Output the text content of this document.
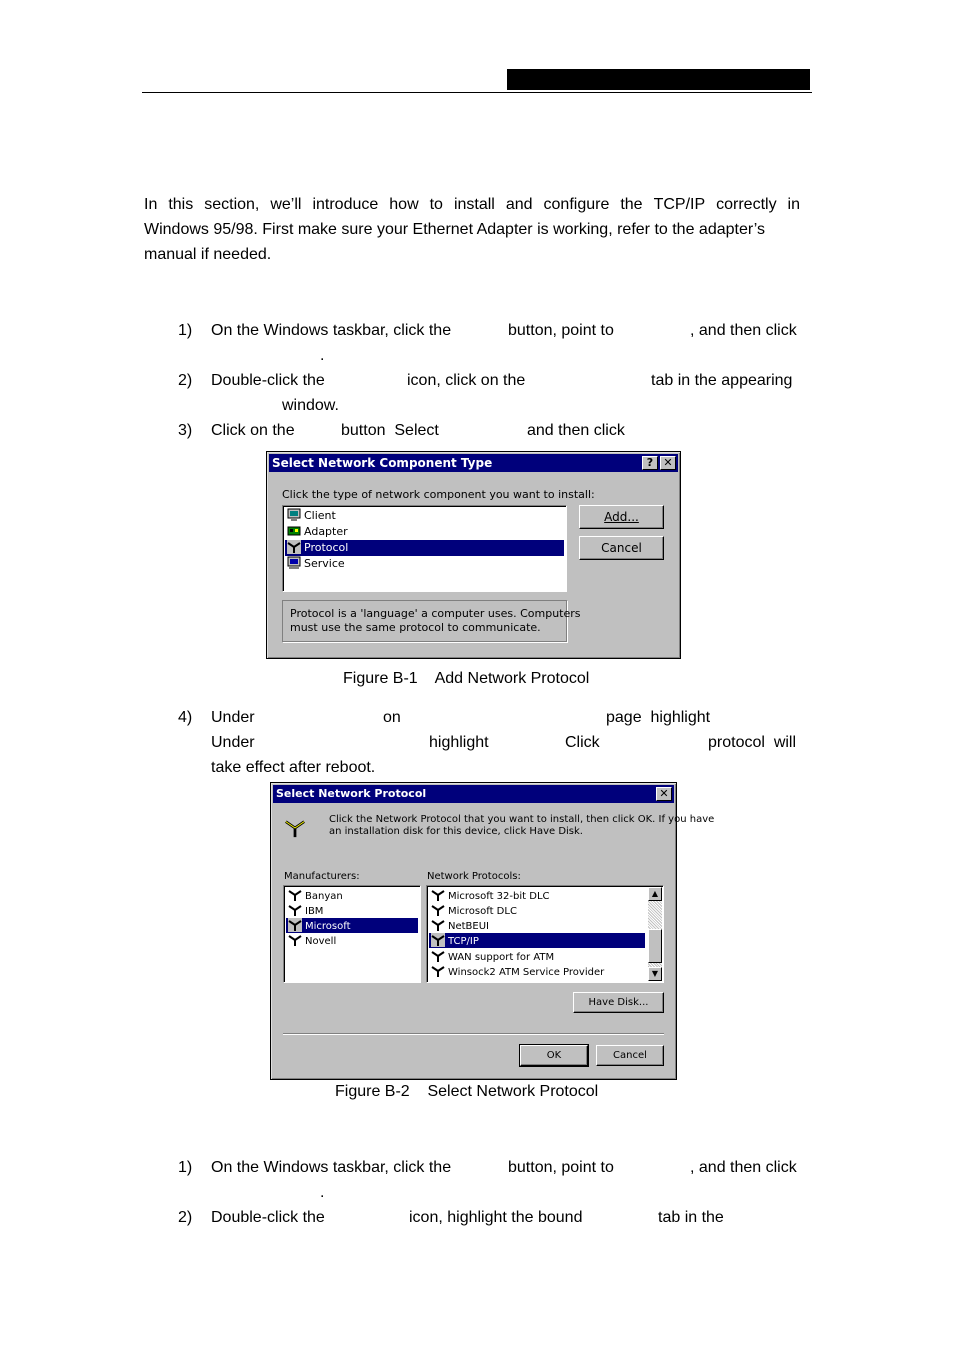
In this section, we’ll introduce how to install and configure the TCP/IP correctly in
Windows 95/98. First make sure your Ethernet Adapter is working, refer to the adapter’s
manual if needed.
1) On the Windows taskbar, click the	button, point to	, and then click
.
2) Double-click the	icon, click on the	tab in the appearing
window.
3) Click on the	button  Select	and then click
Select Network Component Type	? ✕
Click the type of network component you want to install:
Client
Adapter
Protocol
Service
Add...
Cancel
Protocol is a 'language' a computer uses. Computers
must use the same protocol to communicate.
Figure B-1    Add Network Protocol
4) Under	on	page  highlight
Under	highlight	Click	protocol  will
take effect after reboot.
Select Network Protocol	✕
Click the Network Protocol that you want to install, then click OK. If you have
an installation disk for this device, click Have Disk.
Manufacturers:	Network Protocols:
Banyan
IBM
Microsoft
Novell
Microsoft 32-bit DLC
Microsoft DLC
NetBEUI
TCP/IP
WAN support for ATM
Winsock2 ATM Service Provider
▲
▼
Have Disk...
OK	Cancel
Figure B-2    Select Network Protocol
1) On the Windows taskbar, click the	button, point to	, and then click
.
2) Double-click the	icon, highlight the bound	tab in the
